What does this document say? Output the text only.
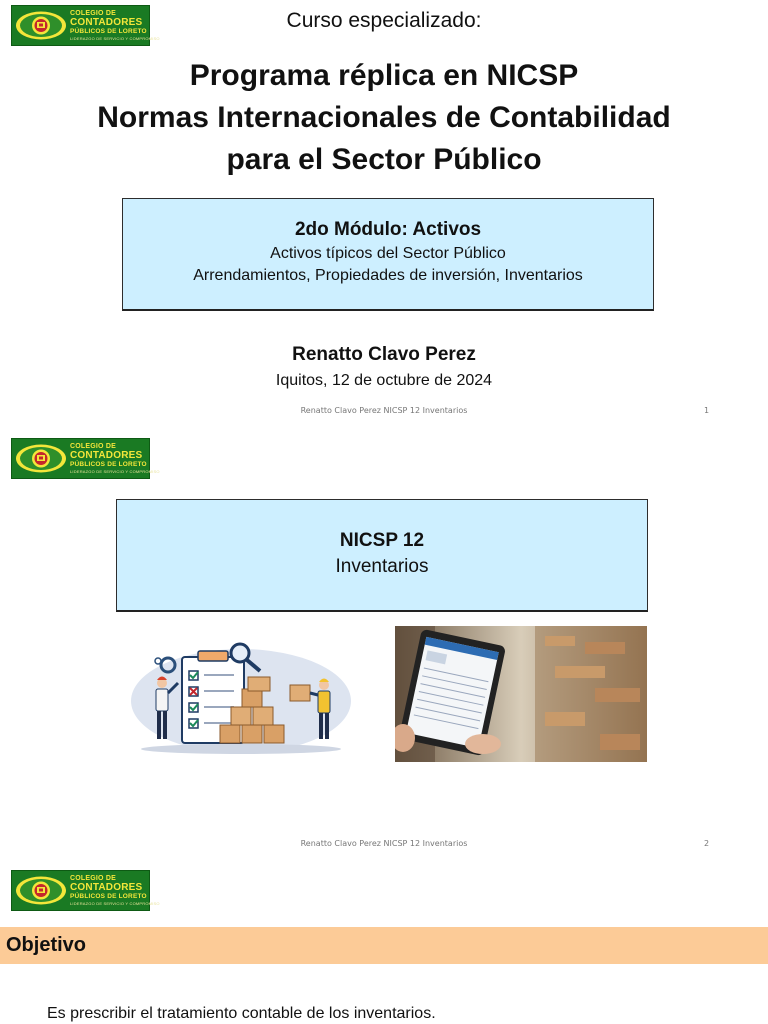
COLEGIO DE
CONTADORES
PÚBLICOS DE LORETO
LIDERAZGO DE SERVICIO Y COMPROMISO
Curso especializado:
Programa réplica en NICSP
Normas Internacionales de Contabilidad
para el Sector Público
2do Módulo: Activos
Activos típicos del Sector Público
Arrendamientos, Propiedades de inversión, Inventarios
Renatto Clavo Perez
Iquitos, 12 de octubre de 2024
Renatto Clavo Perez NICSP 12 Inventarios	1
COLEGIO DE
CONTADORES
PÚBLICOS DE LORETO
LIDERAZGO DE SERVICIO Y COMPROMISO
NICSP 12
Inventarios
Renatto Clavo Perez NICSP 12 Inventarios	2
COLEGIO DE
CONTADORES
PÚBLICOS DE LORETO
LIDERAZGO DE SERVICIO Y COMPROMISO
Objetivo
Es prescribir el tratamiento contable de los inventarios.
